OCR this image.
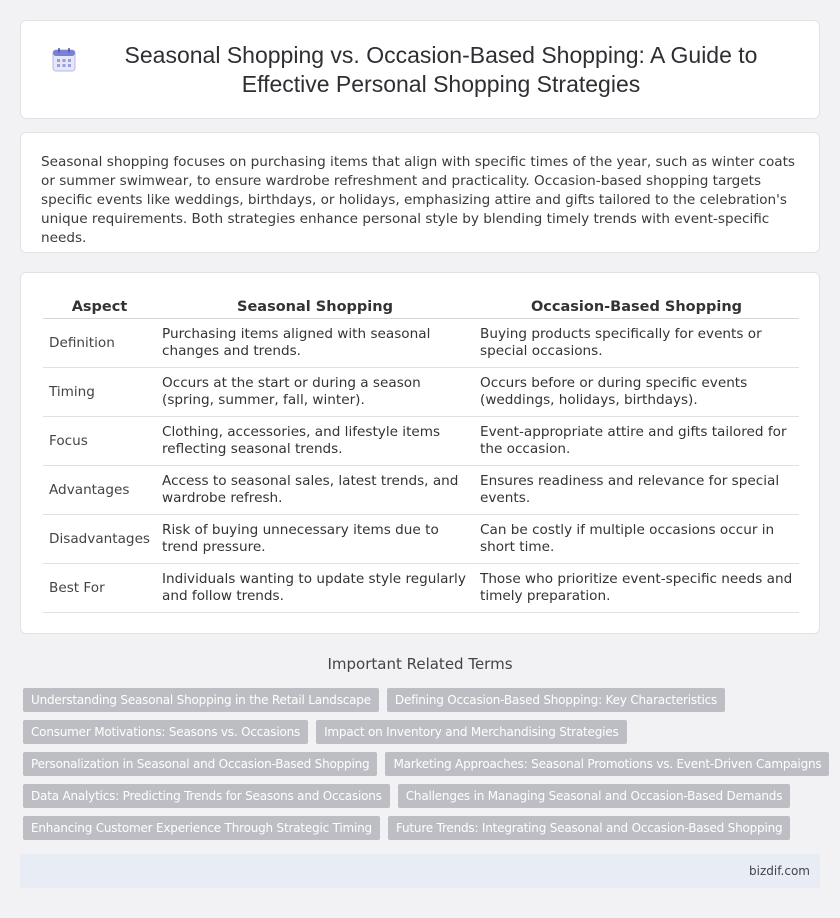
Seasonal Shopping vs. Occasion-Based Shopping: A Guide to Effective Personal Shopping Strategies

Seasonal shopping focuses on purchasing items that align with specific times of the year, such as winter coats or summer swimwear, to ensure wardrobe refreshment and practicality. Occasion-based shopping targets specific events like weddings, birthdays, or holidays, emphasizing attire and gifts tailored to the celebration's unique requirements. Both strategies enhance personal style by blending timely trends with event-specific needs.

Aspect	Seasonal Shopping	Occasion-Based Shopping
Definition	Purchasing items aligned with seasonal changes and trends.	Buying products specifically for events or special occasions.
Timing	Occurs at the start or during a season (spring, summer, fall, winter).	Occurs before or during specific events (weddings, holidays, birthdays).
Focus	Clothing, accessories, and lifestyle items reflecting seasonal trends.	Event-appropriate attire and gifts tailored for the occasion.
Advantages	Access to seasonal sales, latest trends, and wardrobe refresh.	Ensures readiness and relevance for special events.
Disadvantages	Risk of buying unnecessary items due to trend pressure.	Can be costly if multiple occasions occur in short time.
Best For	Individuals wanting to update style regularly and follow trends.	Those who prioritize event-specific needs and timely preparation.
Important Related Terms
Understanding Seasonal Shopping in the Retail Landscape	Defining Occasion-Based Shopping: Key Characteristics
Consumer Motivations: Seasons vs. Occasions	Impact on Inventory and Merchandising Strategies
Personalization in Seasonal and Occasion-Based Shopping	Marketing Approaches: Seasonal Promotions vs. Event-Driven Campaigns
Data Analytics: Predicting Trends for Seasons and Occasions	Challenges in Managing Seasonal and Occasion-Based Demands
Enhancing Customer Experience Through Strategic Timing	Future Trends: Integrating Seasonal and Occasion-Based Shopping
bizdif.com
